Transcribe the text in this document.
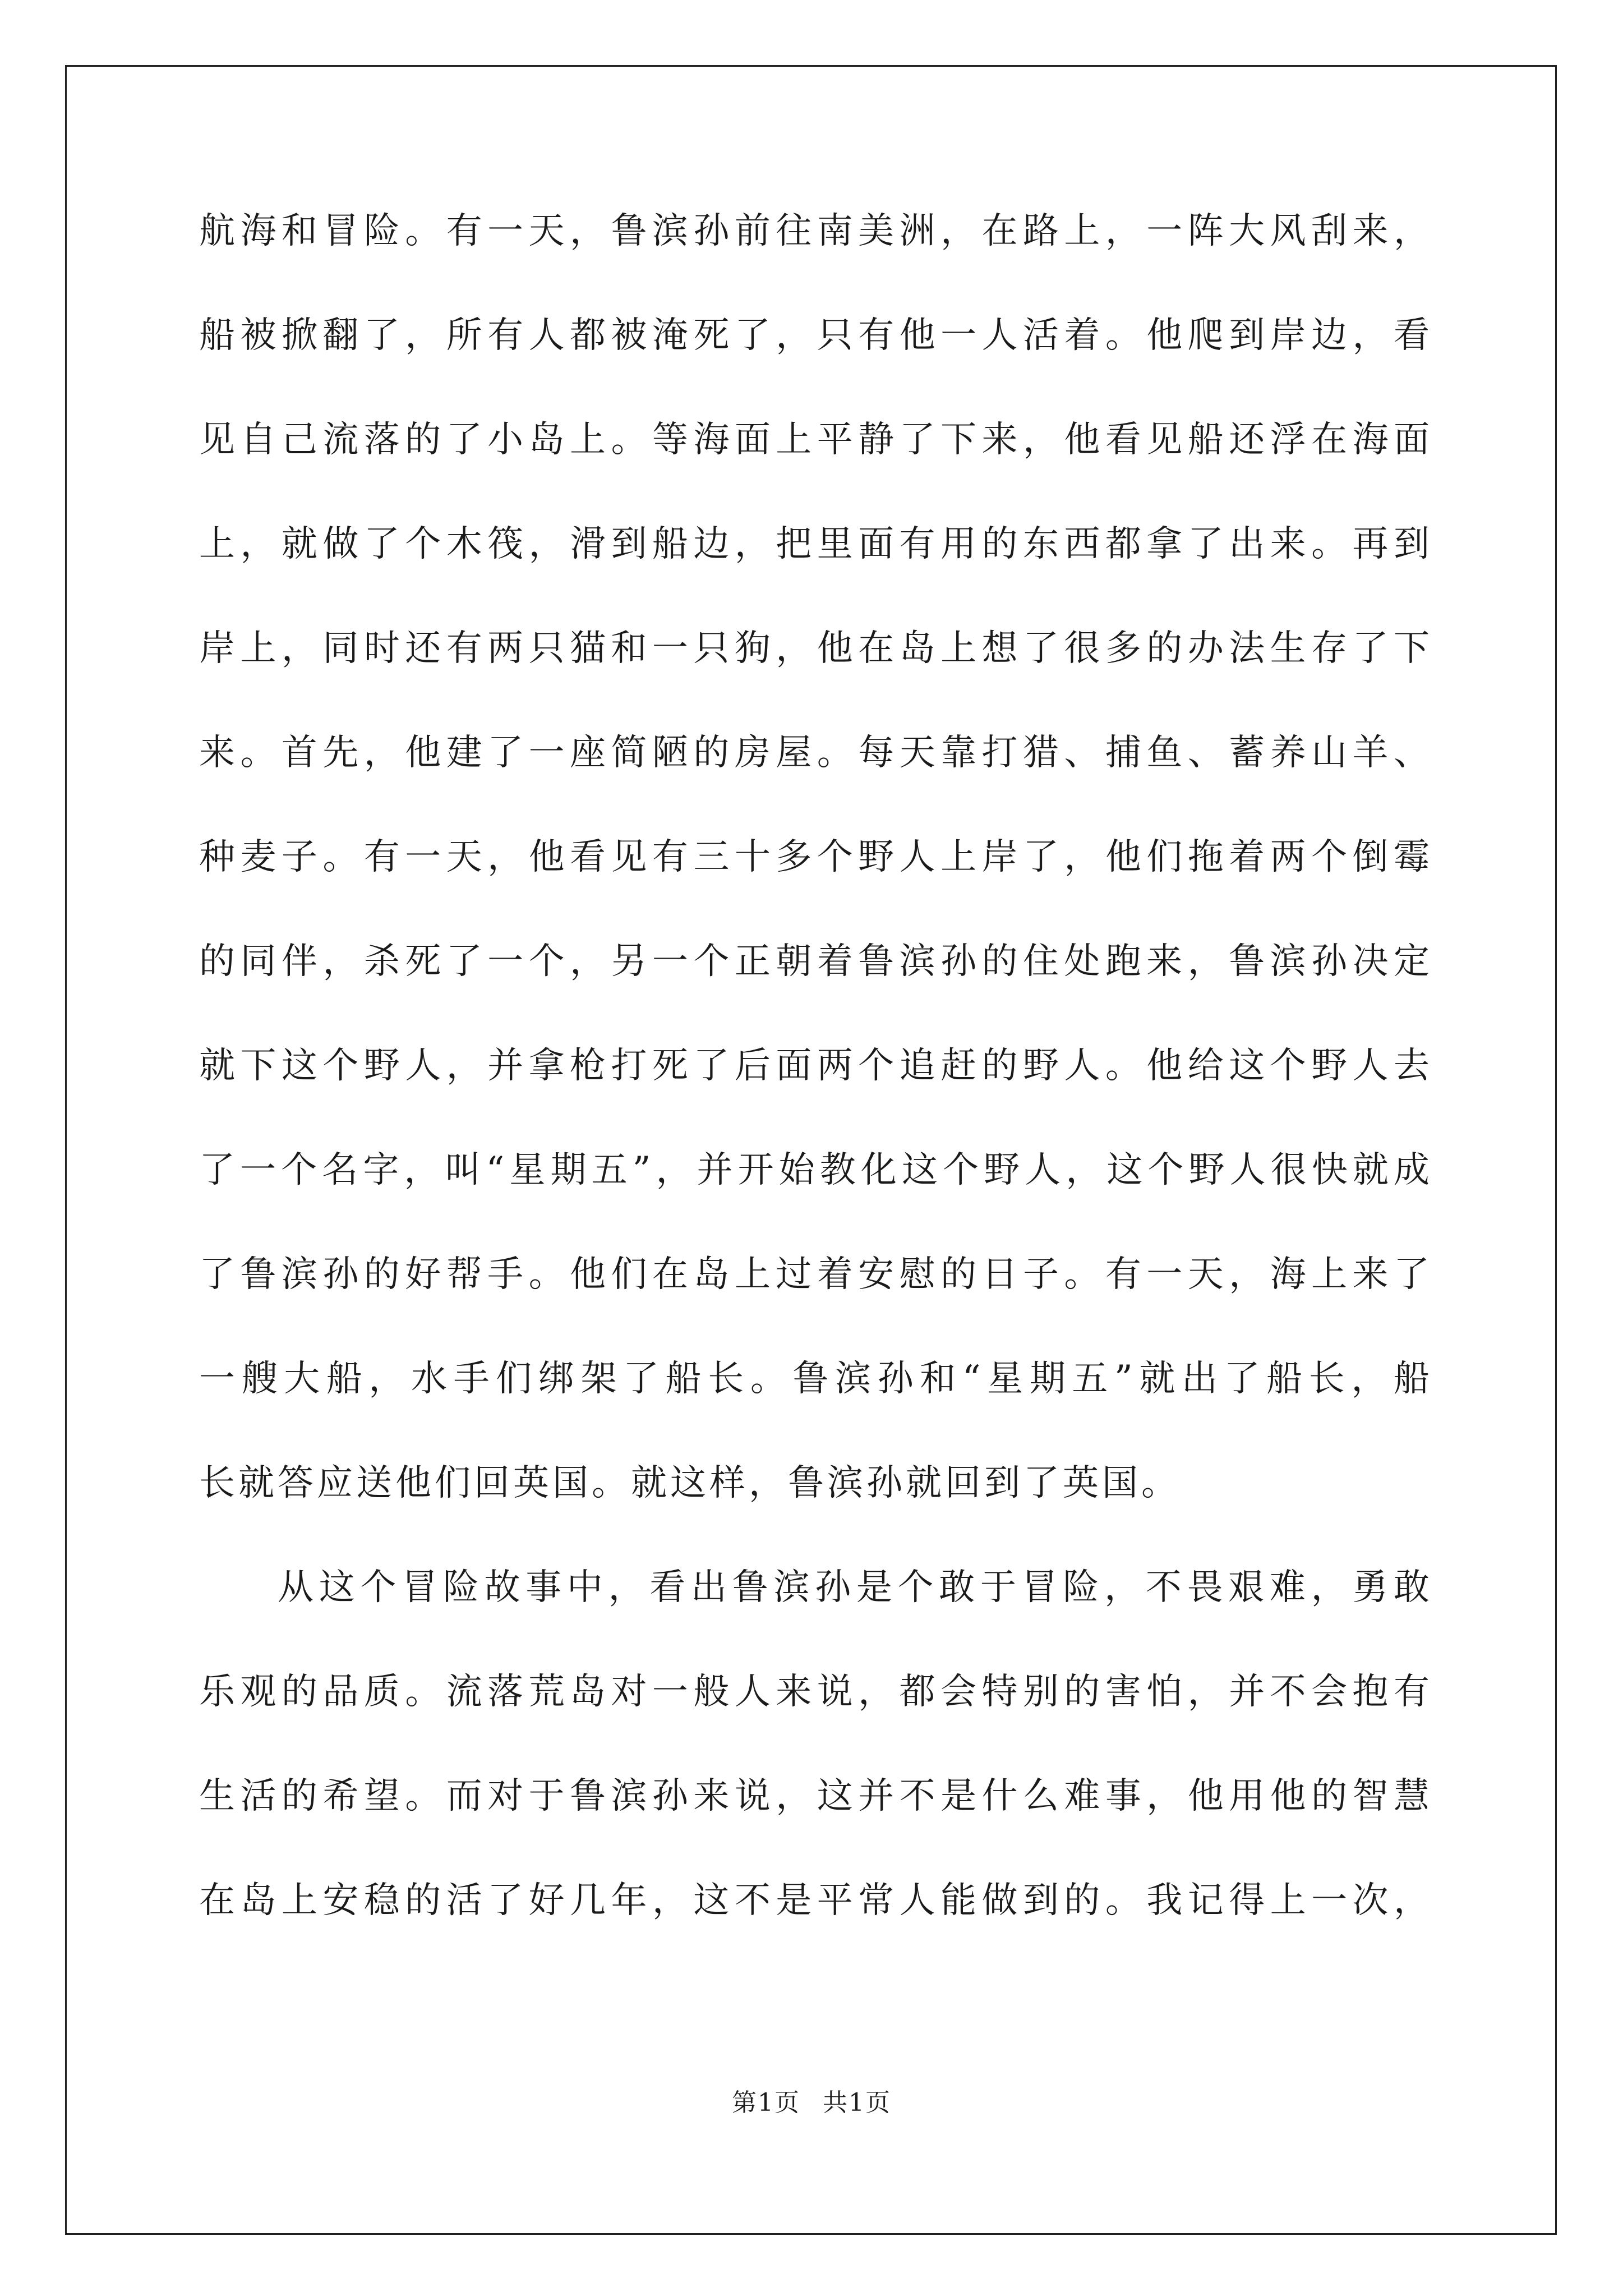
航海和冒险。有一天，鲁滨孙前往南美洲，在路上，一阵大风刮来，
船被掀翻了，所有人都被淹死了，只有他一人活着。他爬到岸边，看
见自己流落的了小岛上。等海面上平静了下来，他看见船还浮在海面
上，就做了个木筏，滑到船边，把里面有用的东西都拿了出来。再到
岸上，同时还有两只猫和一只狗，他在岛上想了很多的办法生存了下
来。首先，他建了一座简陋的房屋。每天靠打猎、捕鱼、蓄养山羊、
种麦子。有一天，他看见有三十多个野人上岸了，他们拖着两个倒霉
的同伴，杀死了一个，另一个正朝着鲁滨孙的住处跑来，鲁滨孙决定
就下这个野人，并拿枪打死了后面两个追赶的野人。他给这个野人去
了一个名字，叫“星期五”，并开始教化这个野人，这个野人很快就成
了鲁滨孙的好帮手。他们在岛上过着安慰的日子。有一天，海上来了
一艘大船，水手们绑架了船长。鲁滨孙和“星期五”就出了船长，船
长就答应送他们回英国。就这样，鲁滨孙就回到了英国。
从这个冒险故事中，看出鲁滨孙是个敢于冒险，不畏艰难，勇敢
乐观的品质。流落荒岛对一般人来说，都会特别的害怕，并不会抱有
生活的希望。而对于鲁滨孙来说，这并不是什么难事，他用他的智慧
在岛上安稳的活了好几年，这不是平常人能做到的。我记得上一次，
第1页 共1页
